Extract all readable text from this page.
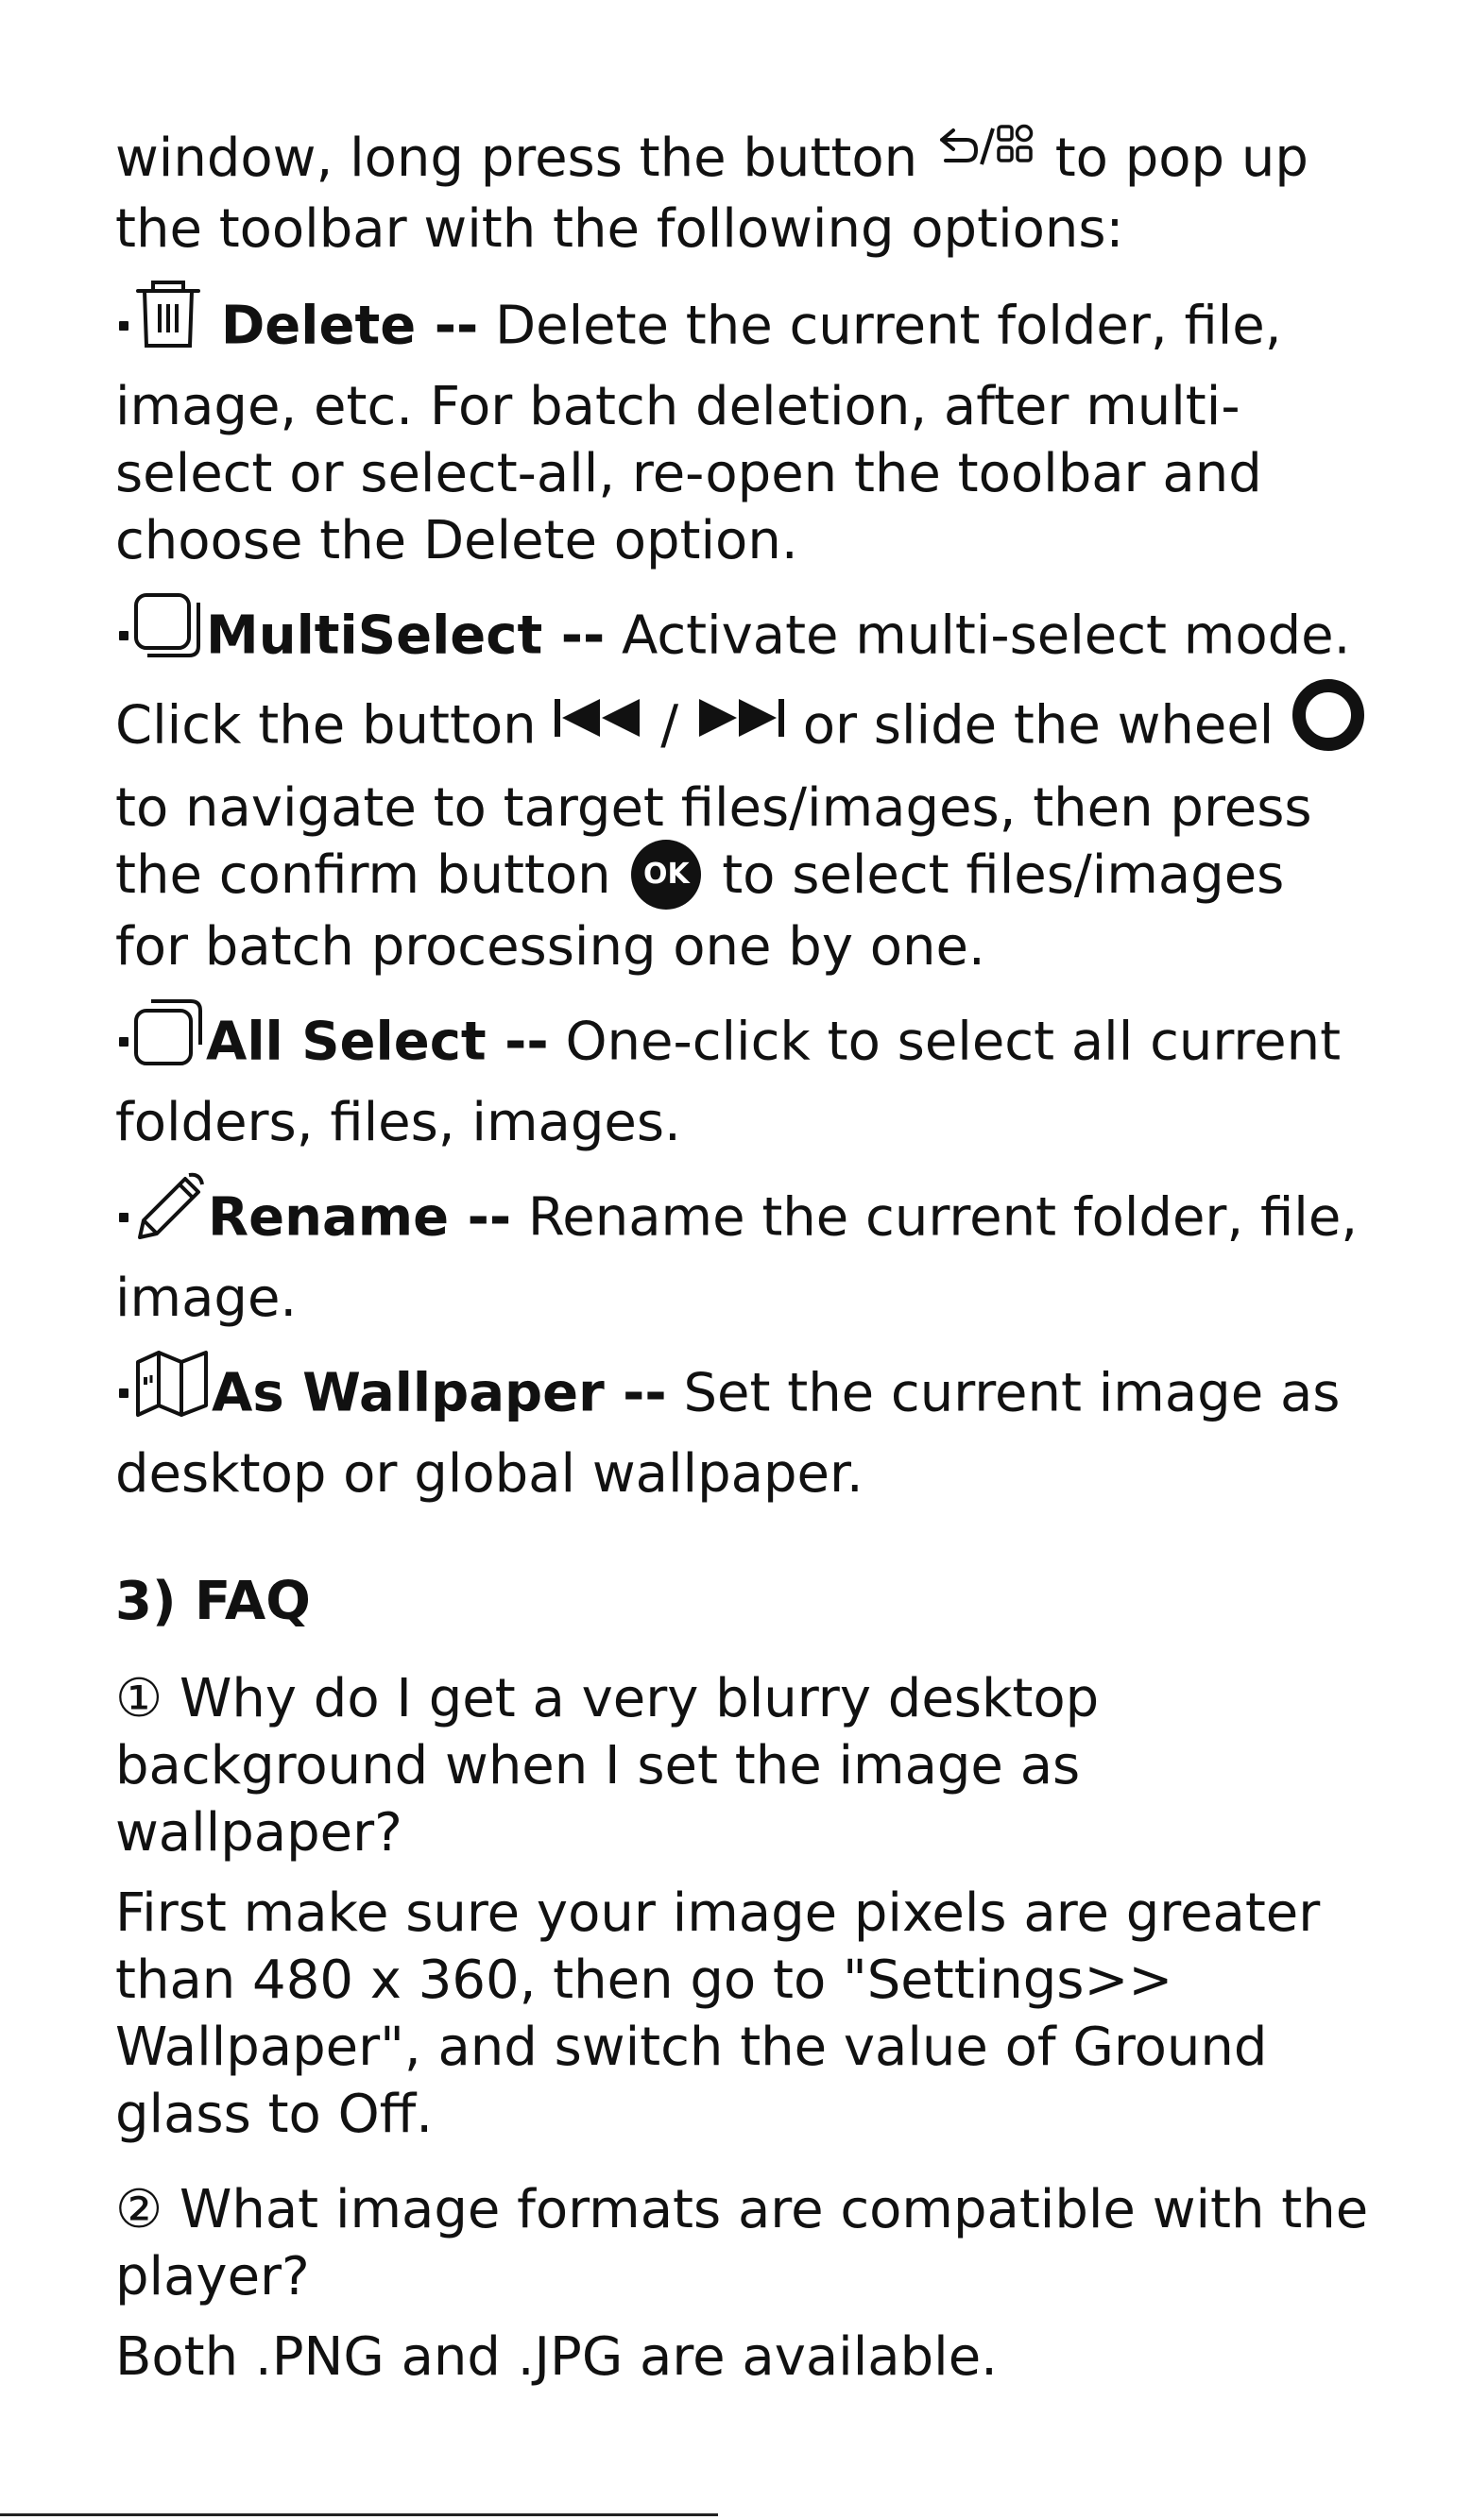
window, long press the button  to pop up the toolbar with the following options:

Delete -- Delete the current folder, file, image, etc. For batch deletion, after multi-select or select-all, re-open the toolbar and choose the Delete option.

MultiSelect -- Activate multi-select mode. Click the button  /  or slide the wheel  to navigate to target files/images, then press the confirm button OK to select files/images for batch processing one by one.

All Select -- One-click to select all current folders, files, images.

Rename -- Rename the current folder, file, image.

As Wallpaper -- Set the current image as desktop or global wallpaper.

3) FAQ

① Why do I get a very blurry desktop background when I set the image as wallpaper?

First make sure your image pixels are greater than 480 x 360, then go to "Settings>> Wallpaper", and switch the value of Ground glass to Off.

② What image formats are compatible with the player?

Both .PNG and .JPG are available.
